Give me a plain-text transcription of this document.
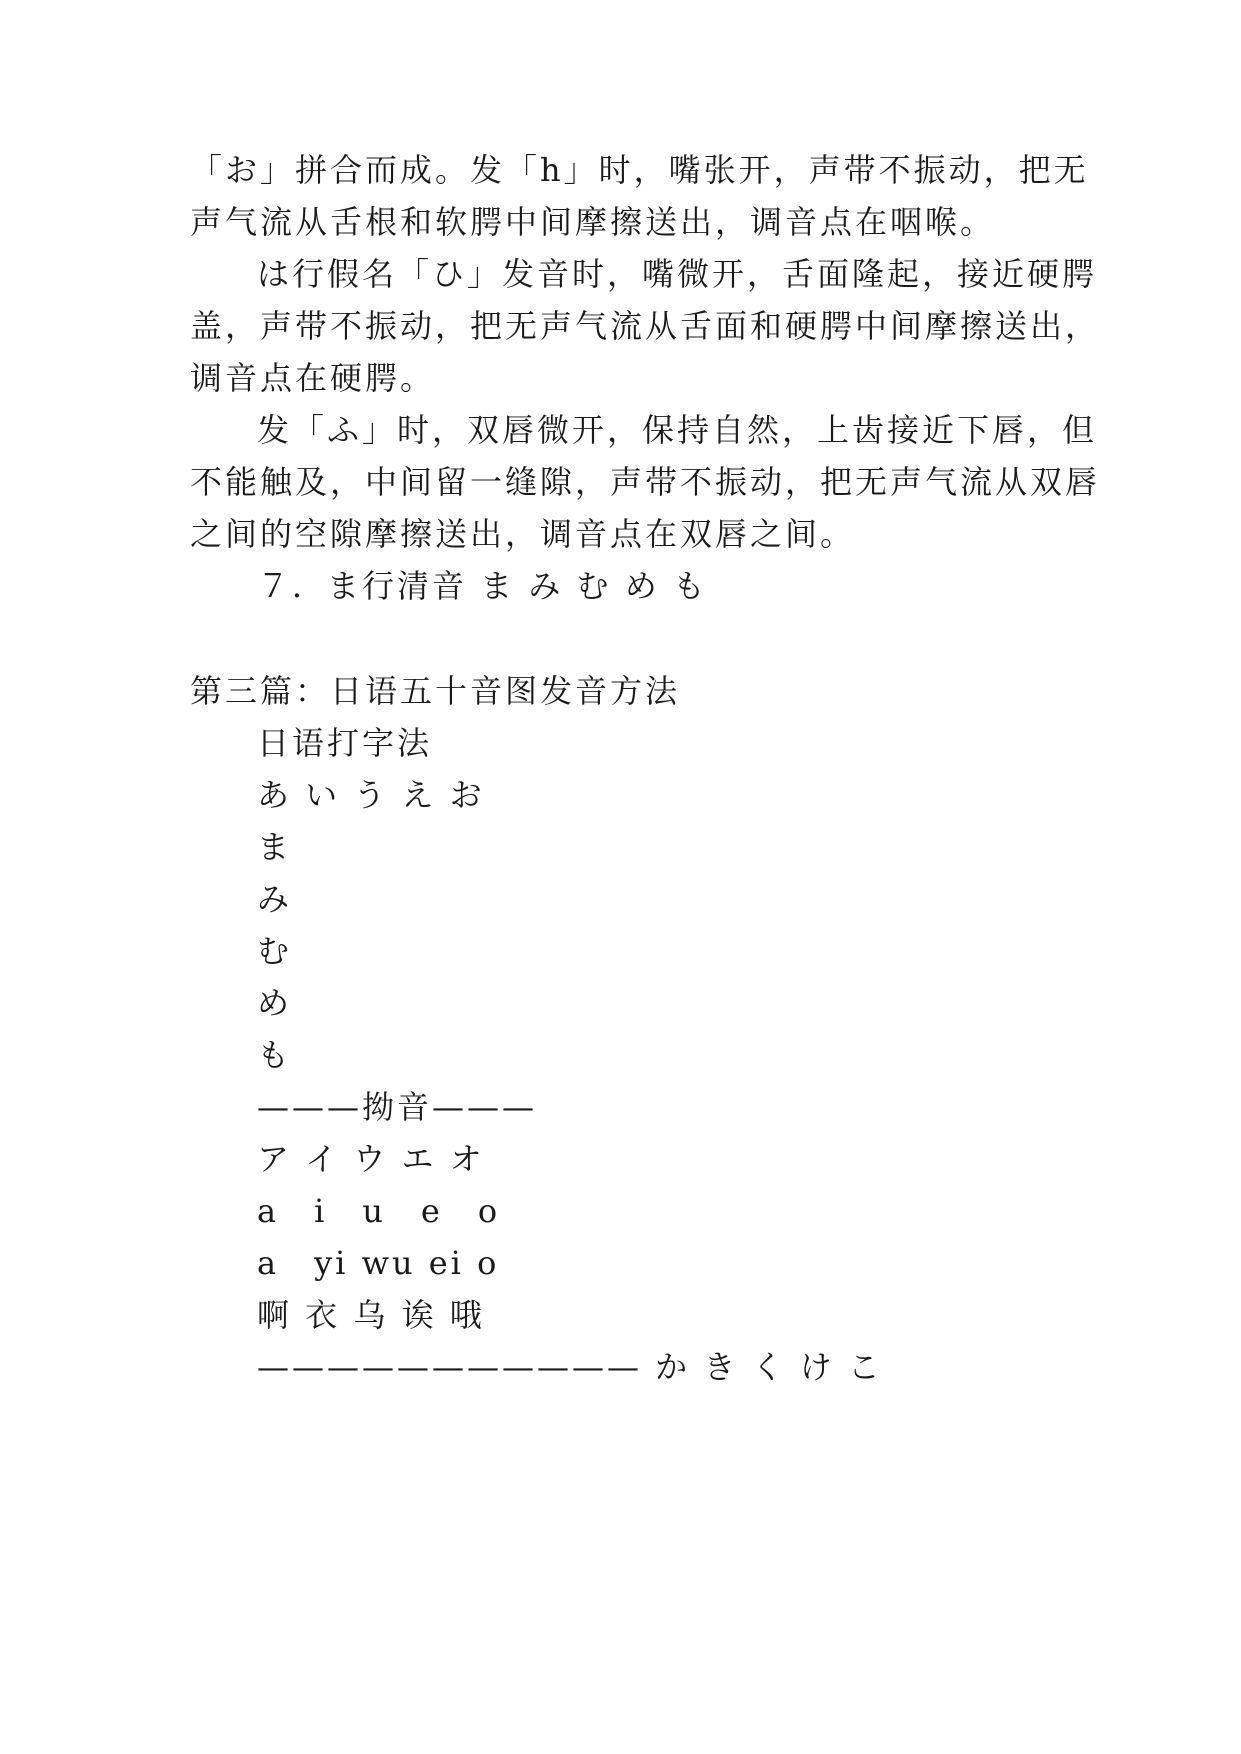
「お」拼合而成。发「h」时，嘴张开，声带不振动，把无
声气流从舌根和软腭中间摩擦送出，调音点在咽喉。
は行假名「ひ」发音时，嘴微开，舌面隆起，接近硬腭
盖，声带不振动，把无声气流从舌面和硬腭中间摩擦送出，
调音点在硬腭。
发「ふ」时，双唇微开，保持自然，上齿接近下唇，但
不能触及，中间留一缝隙，声带不振动，把无声气流从双唇
之间的空隙摩擦送出，调音点在双唇之间。
７．ま行清音 ま み む め も
第三篇：日语五十音图发音方法
日语打字法
あ い う え お
ま
み
む
め
も
———拗音———
ア イ ウ エ オ
a　i　u　e　o
a　yi wu ei o
啊 衣 乌 诶 哦
——————————— か き く け こ
